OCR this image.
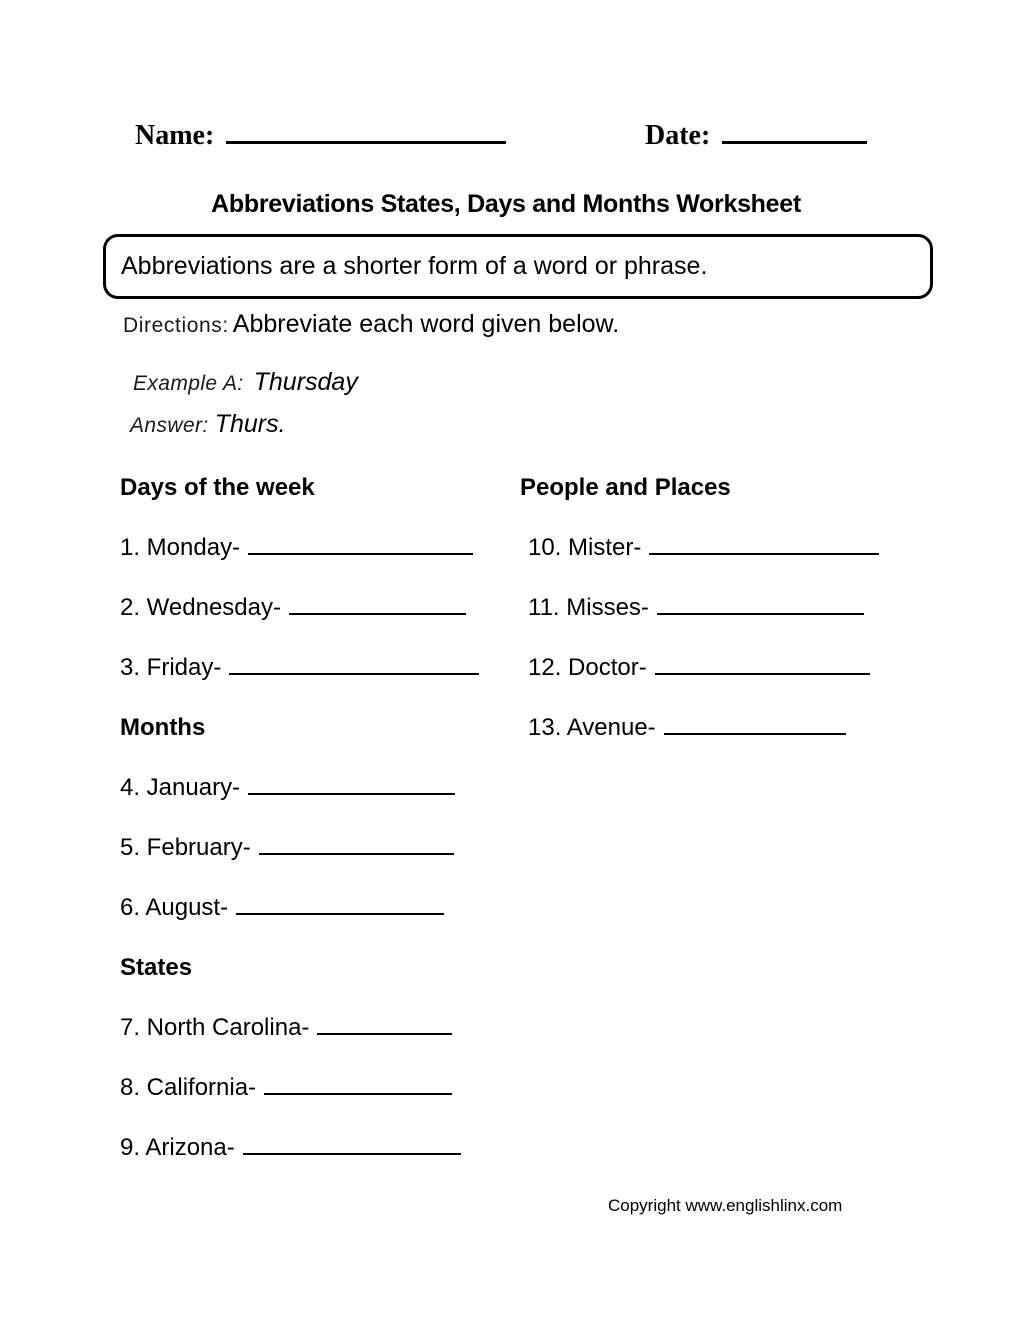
Name:	Date:
Abbreviations States, Days and Months Worksheet
Abbreviations are a shorter form of a word or phrase.
Directions: Abbreviate each word given below.
Example A: Thursday
Answer: Thurs.
Days of the week
1. Monday-
2. Wednesday-
3. Friday-
Months
4. January-
5. February-
6. August-
States
7. North Carolina-
8. California-
9. Arizona-
People and Places
10. Mister-
11. Misses-
12. Doctor-
13. Avenue-
Copyright www.englishlinx.com
